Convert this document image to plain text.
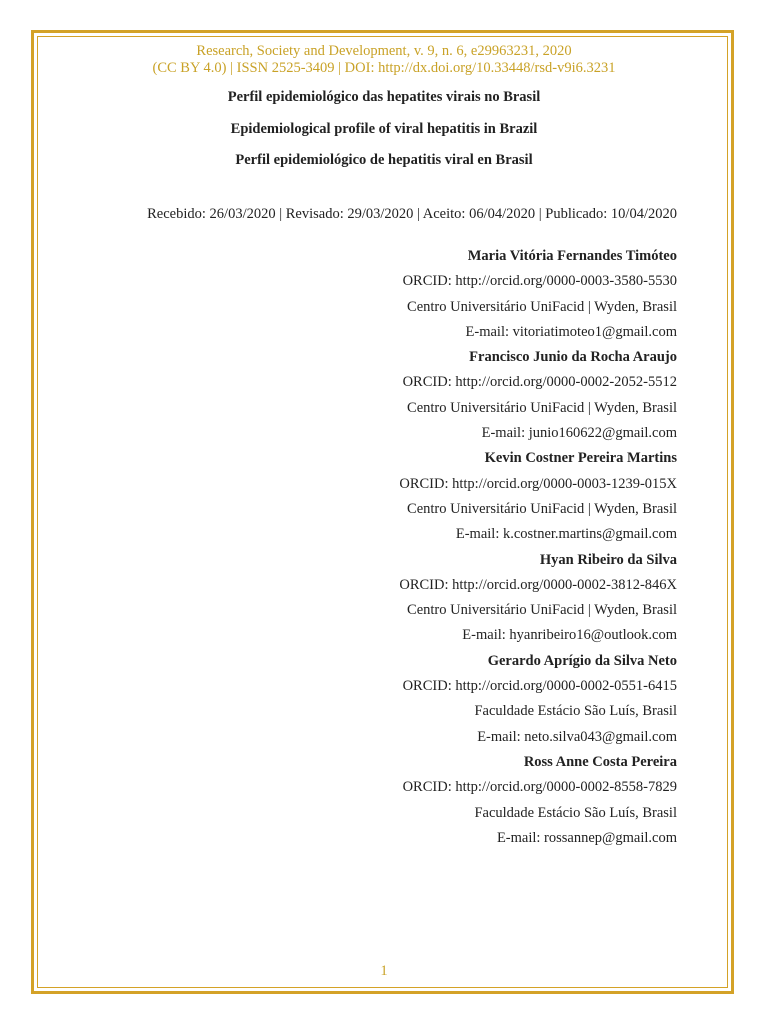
Research, Society and Development, v. 9, n. 6, e29963231, 2020
(CC BY 4.0) | ISSN 2525-3409 | DOI: http://dx.doi.org/10.33448/rsd-v9i6.3231
Perfil epidemiológico das hepatites virais no Brasil
Epidemiological profile of viral hepatitis in Brazil
Perfil epidemiológico de hepatitis viral en Brasil
Recebido: 26/03/2020 | Revisado: 29/03/2020 | Aceito: 06/04/2020 | Publicado: 10/04/2020
Maria Vitória Fernandes Timóteo
ORCID: http://orcid.org/0000-0003-3580-5530
Centro Universitário UniFacid | Wyden, Brasil
E-mail: vitoriatimoteo1@gmail.com
Francisco Junio da Rocha Araujo
ORCID: http://orcid.org/0000-0002-2052-5512
Centro Universitário UniFacid | Wyden, Brasil
E-mail: junio160622@gmail.com
Kevin Costner Pereira Martins
ORCID: http://orcid.org/0000-0003-1239-015X
Centro Universitário UniFacid | Wyden, Brasil
E-mail: k.costner.martins@gmail.com
Hyan Ribeiro da Silva
ORCID: http://orcid.org/0000-0002-3812-846X
Centro Universitário UniFacid | Wyden, Brasil
E-mail: hyanribeiro16@outlook.com
Gerardo Aprígio da Silva Neto
ORCID: http://orcid.org/0000-0002-0551-6415
Faculdade Estácio São Luís, Brasil
E-mail: neto.silva043@gmail.com
Ross Anne Costa Pereira
ORCID: http://orcid.org/0000-0002-8558-7829
Faculdade Estácio São Luís, Brasil
E-mail: rossannep@gmail.com
1
